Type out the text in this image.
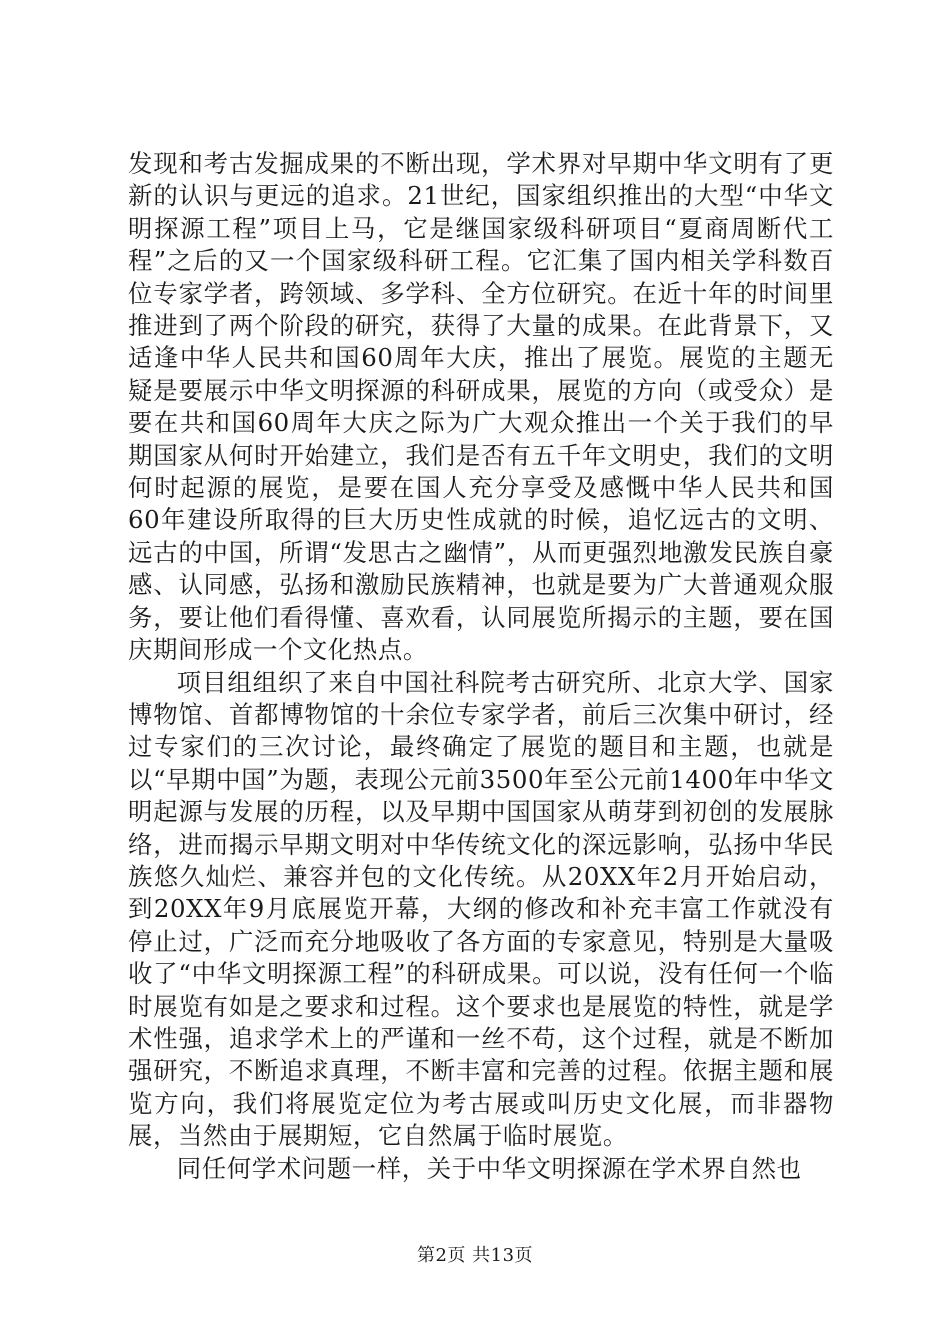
发现和考古发掘成果的不断出现，学术界对早期中华文明有了更新的认识与更远的追求。21世纪，国家组织推出的大型“中华文明探源工程”项目上马，它是继国家级科研项目“夏商周断代工程”之后的又一个国家级科研工程。它汇集了国内相关学科数百位专家学者，跨领域、多学科、全方位研究。在近十年的时间里推进到了两个阶段的研究，获得了大量的成果。在此背景下，又适逢中华人民共和国60周年大庆，推出了展览。展览的主题无疑是要展示中华文明探源的科研成果，展览的方向（或受众）是要在共和国60周年大庆之际为广大观众推出一个关于我们的早期国家从何时开始建立，我们是否有五千年文明史，我们的文明何时起源的展览，是要在国人充分享受及感慨中华人民共和国60年建设所取得的巨大历史性成就的时候，追忆远古的文明、远古的中国，所谓“发思古之幽情”，从而更强烈地激发民族自豪感、认同感，弘扬和激励民族精神，也就是要为广大普通观众服务，要让他们看得懂、喜欢看，认同展览所揭示的主题，要在国庆期间形成一个文化热点。

项目组组织了来自中国社科院考古研究所、北京大学、国家博物馆、首都博物馆的十余位专家学者，前后三次集中研讨，经过专家们的三次讨论，最终确定了展览的题目和主题，也就是以“早期中国”为题，表现公元前3500年至公元前1400年中华文明起源与发展的历程，以及早期中国国家从萌芽到初创的发展脉络，进而揭示早期文明对中华传统文化的深远影响，弘扬中华民族悠久灿烂、兼容并包的文化传统。从20XX年2月开始启动，到20XX年9月底展览开幕，大纲的修改和补充丰富工作就没有停止过，广泛而充分地吸收了各方面的专家意见，特别是大量吸收了“中华文明探源工程”的科研成果。可以说，没有任何一个临时展览有如是之要求和过程。这个要求也是展览的特性，就是学术性强，追求学术上的严谨和一丝不苟，这个过程，就是不断加强研究，不断追求真理，不断丰富和完善的过程。依据主题和展览方向，我们将展览定位为考古展或叫历史文化展，而非器物展，当然由于展期短，它自然属于临时展览。

同任何学术问题一样，关于中华文明探源在学术界自然也

第2页 共13页
